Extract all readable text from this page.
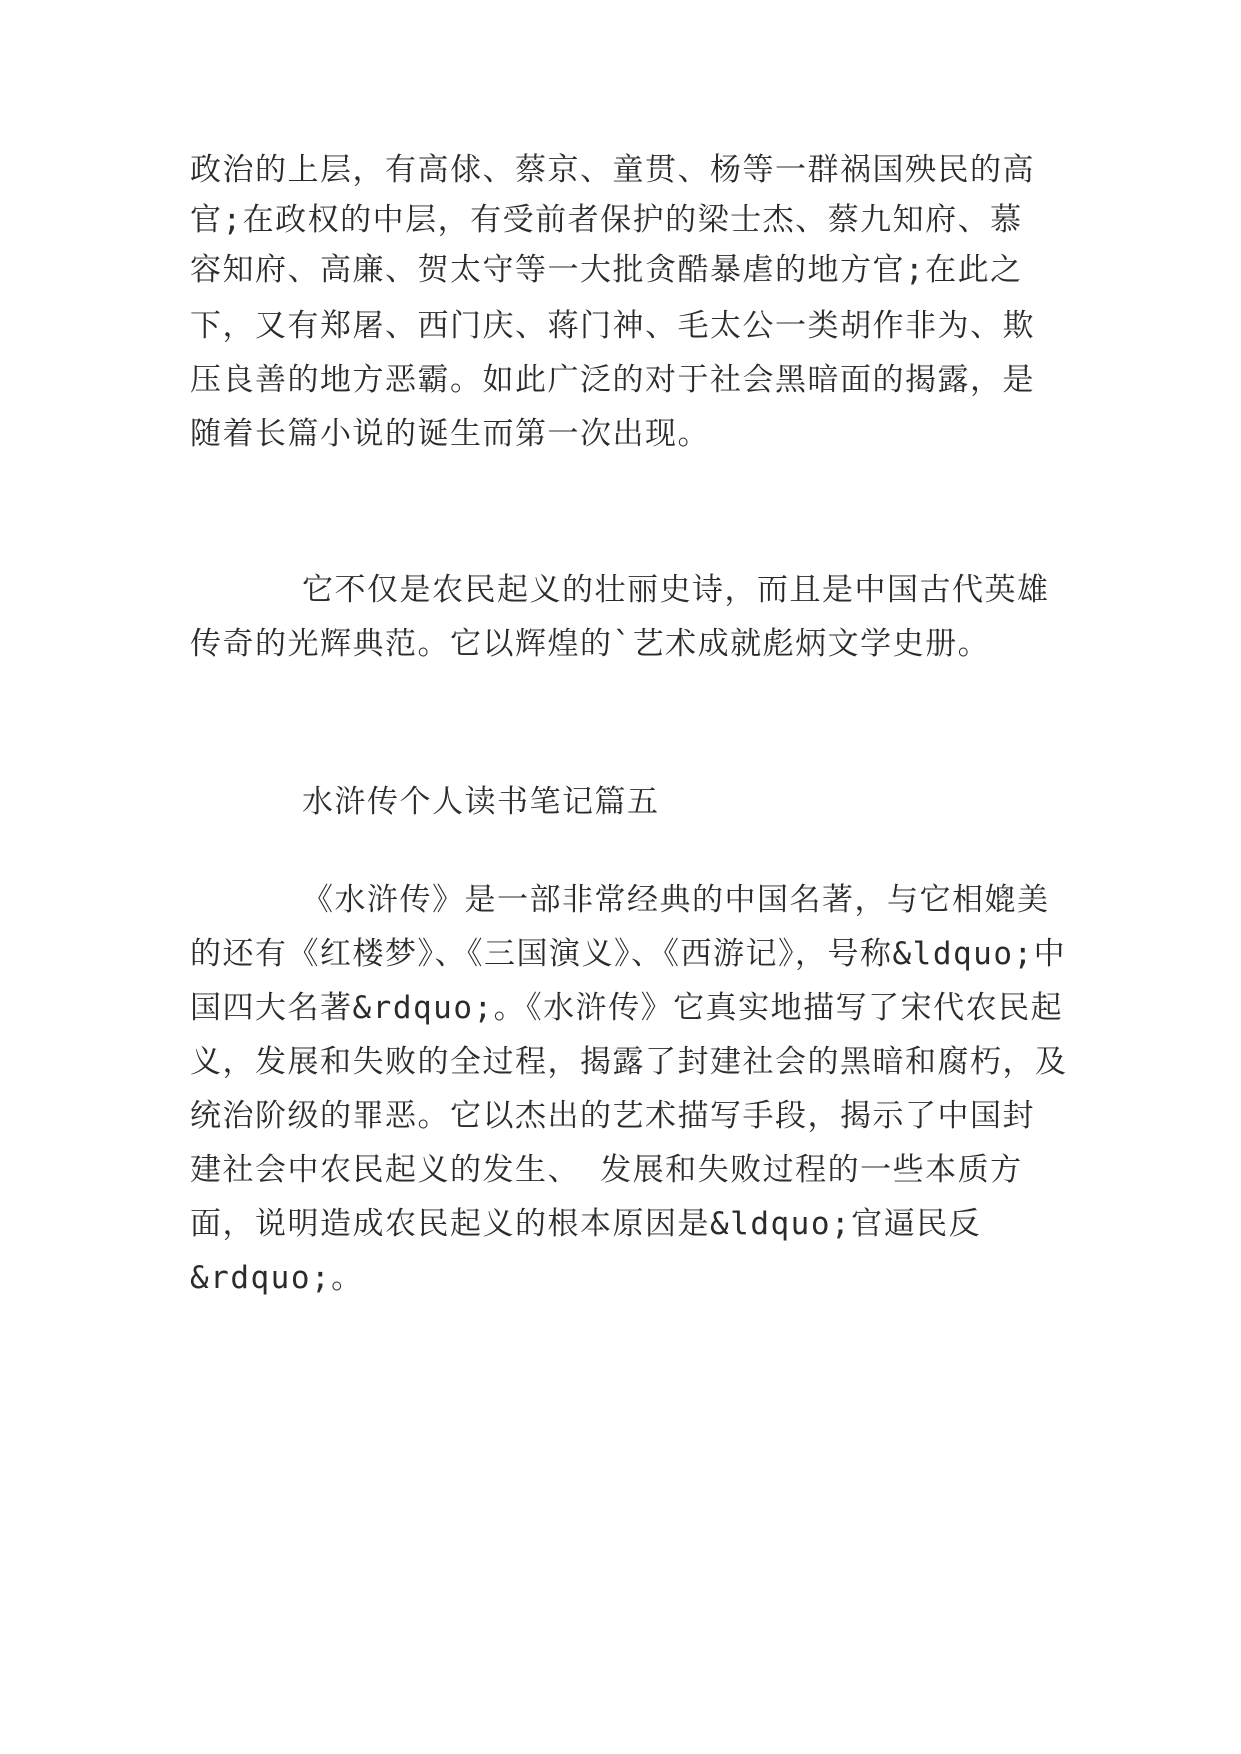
政治的上层，有高俅、蔡京、童贯、杨等一群祸国殃民的高
官;在政权的中层，有受前者保护的梁士杰、蔡九知府、慕
容知府、高廉、贺太守等一大批贪酷暴虐的地方官;在此之
下，又有郑屠、西门庆、蒋门神、毛太公一类胡作非为、欺
压良善的地方恶霸。如此广泛的对于社会黑暗面的揭露，是
随着长篇小说的诞生而第一次出现。
它不仅是农民起义的壮丽史诗，而且是中国古代英雄
传奇的光辉典范。它以辉煌的`艺术成就彪炳文学史册。
水浒传个人读书笔记篇五
《水浒传》是一部非常经典的中国名著，与它相媲美
的还有《红楼梦》、《三国演义》、《西游记》，号称&ldquo;中
国四大名著&rdquo;。《水浒传》它真实地描写了宋代农民起
义，发展和失败的全过程，揭露了封建社会的黑暗和腐朽，及
统治阶级的罪恶。它以杰出的艺术描写手段，揭示了中国封
建社会中农民起义的发生、 发展和失败过程的一些本质方
面，说明造成农民起义的根本原因是&ldquo;官逼民反
&rdquo;。
